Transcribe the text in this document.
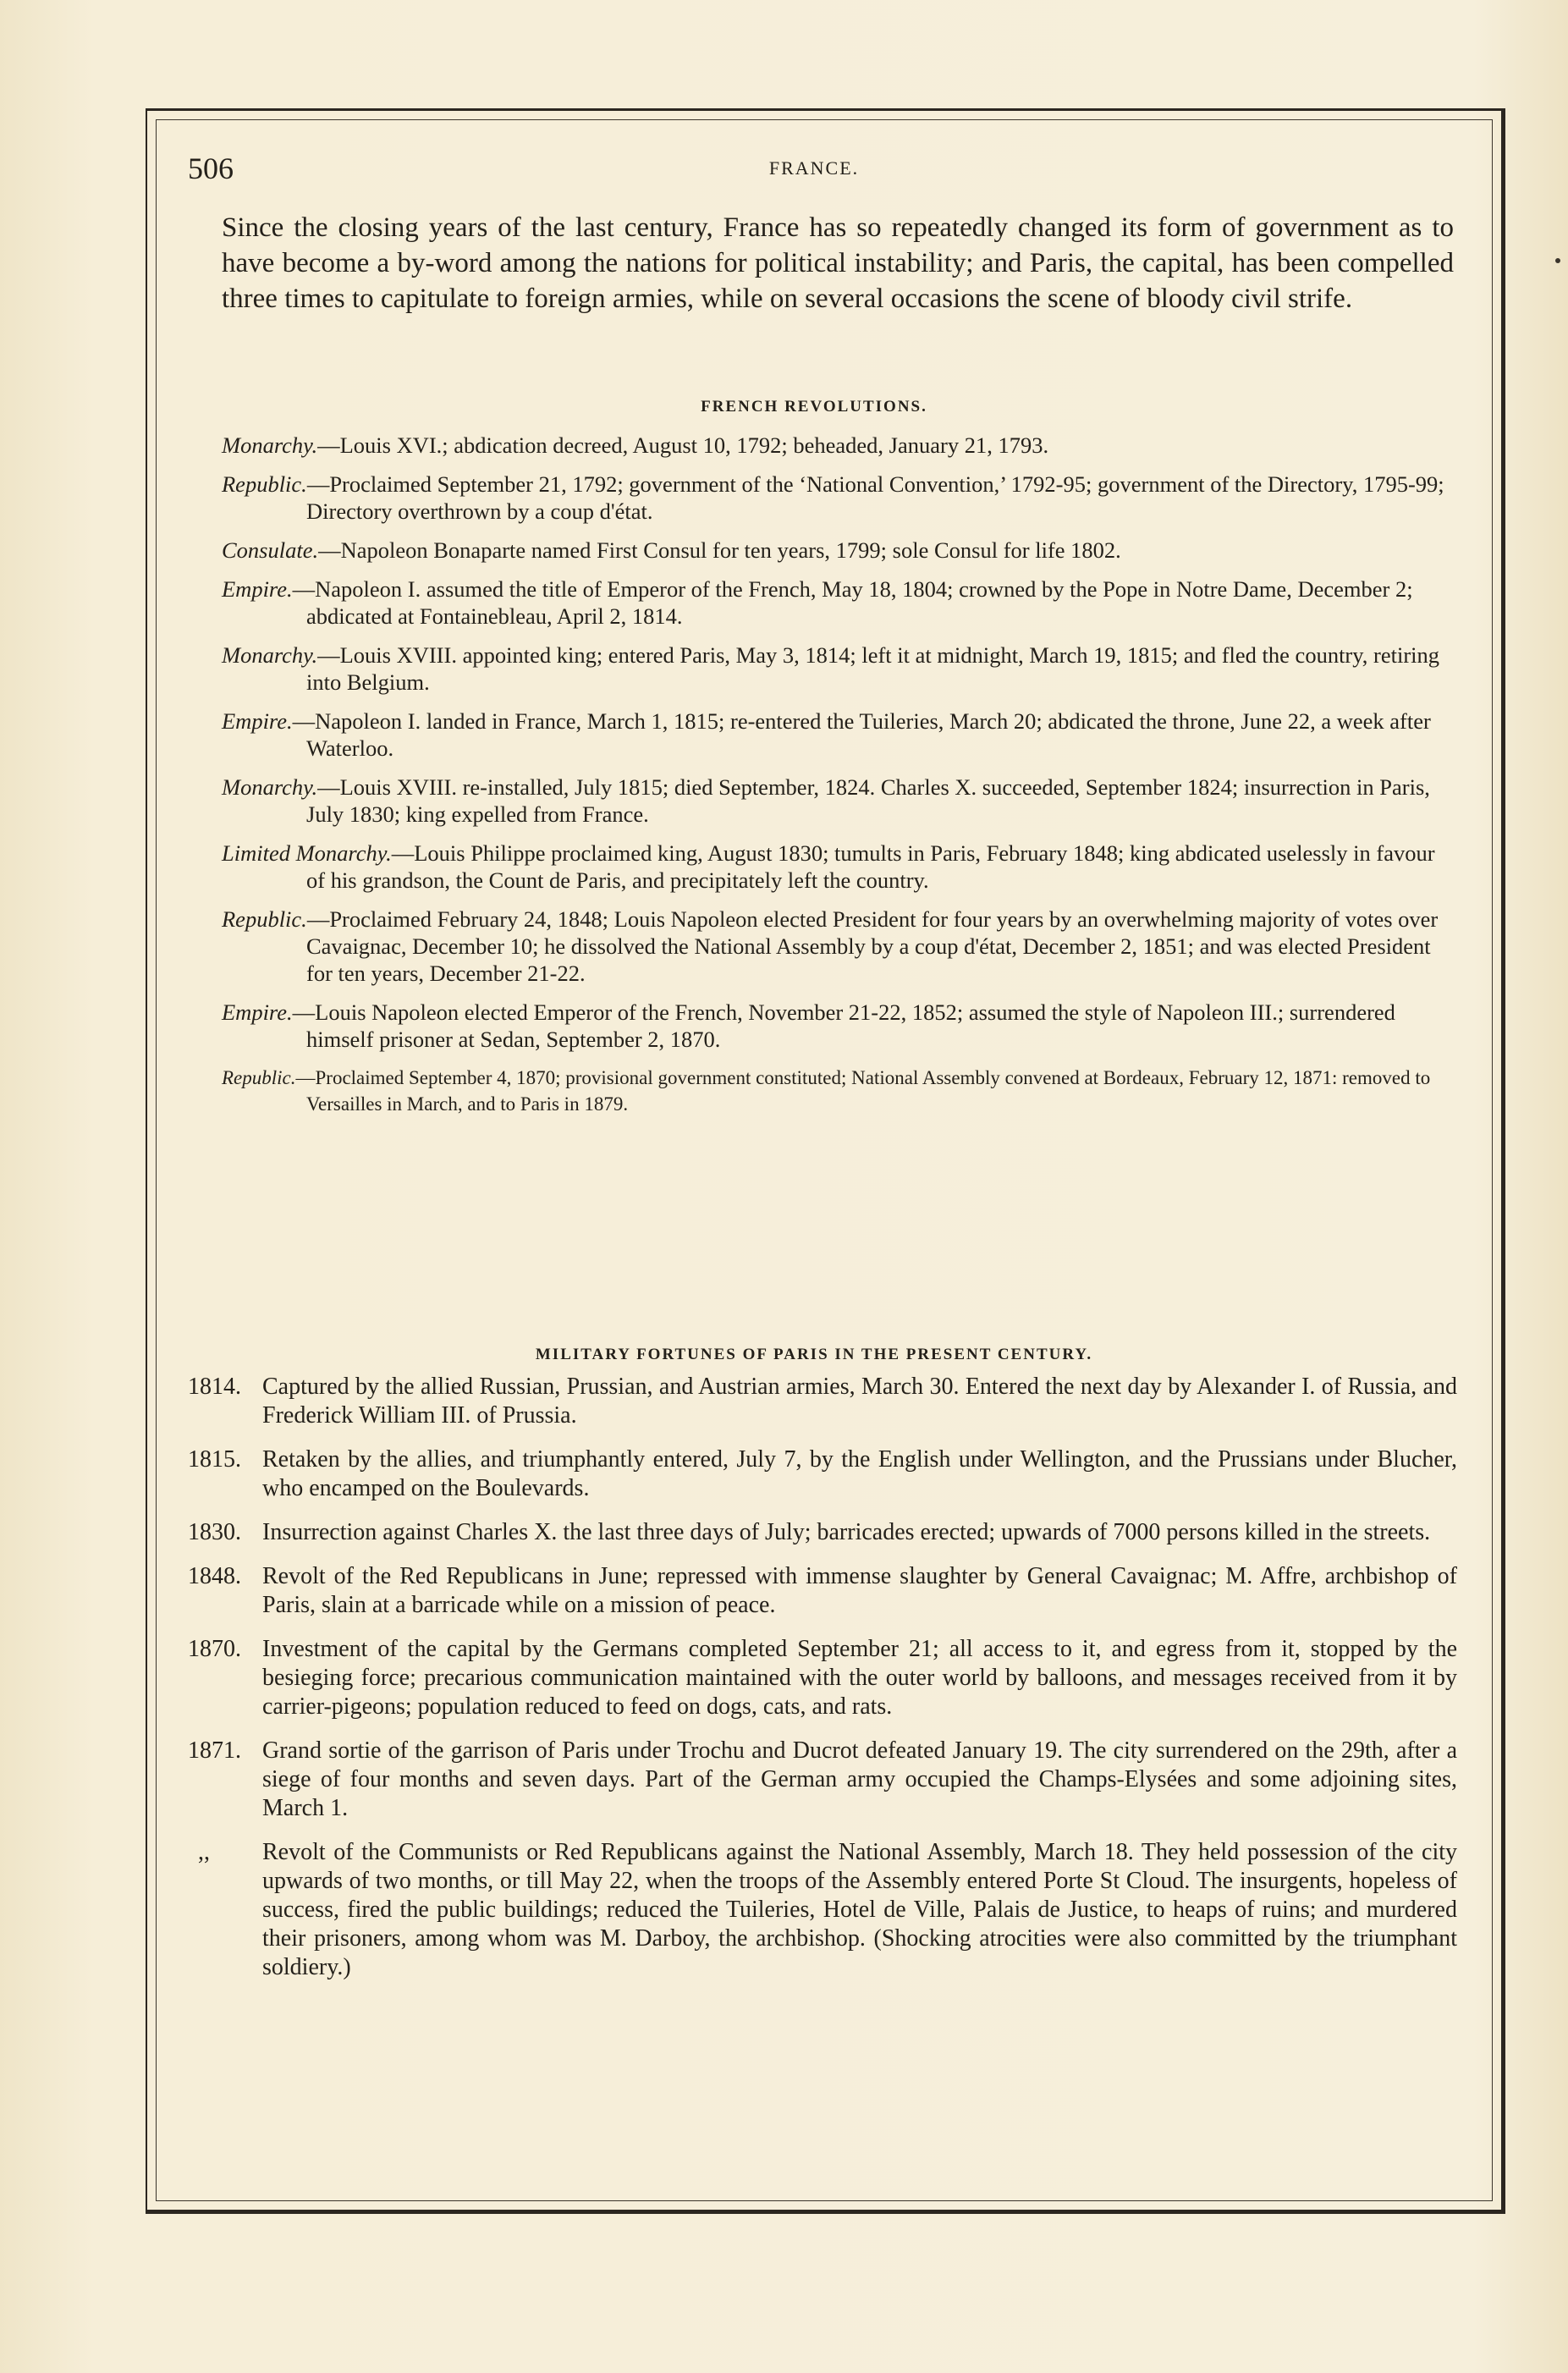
506	FRANCE.

Since the closing years of the last century, France has so repeatedly changed its form of government as to have become a by-word among the nations for political instability; and Paris, the capital, has been compelled three times to capitulate to foreign armies, while on several occasions the scene of bloody civil strife.

FRENCH REVOLUTIONS.

Monarchy.—Louis XVI.; abdication decreed, August 10, 1792; beheaded, January 21, 1793.

Republic.—Proclaimed September 21, 1792; government of the ‘National Convention,’ 1792-95; government of the Directory, 1795-99; Directory overthrown by a coup d'état.

Consulate.—Napoleon Bonaparte named First Consul for ten years, 1799; sole Consul for life 1802.

Empire.—Napoleon I. assumed the title of Emperor of the French, May 18, 1804; crowned by the Pope in Notre Dame, December 2; abdicated at Fontainebleau, April 2, 1814.

Monarchy.—Louis XVIII. appointed king; entered Paris, May 3, 1814; left it at midnight, March 19, 1815; and fled the country, retiring into Belgium.

Empire.—Napoleon I. landed in France, March 1, 1815; re-entered the Tuileries, March 20; abdicated the throne, June 22, a week after Waterloo.

Monarchy.—Louis XVIII. re-installed, July 1815; died September, 1824. Charles X. succeeded, September 1824; insurrection in Paris, July 1830; king expelled from France.

Limited Monarchy.—Louis Philippe proclaimed king, August 1830; tumults in Paris, February 1848; king abdicated uselessly in favour of his grandson, the Count de Paris, and precipitately left the country.

Republic.—Proclaimed February 24, 1848; Louis Napoleon elected President for four years by an overwhelming majority of votes over Cavaignac, December 10; he dissolved the National Assembly by a coup d'état, December 2, 1851; and was elected President for ten years, December 21-22.

Empire.—Louis Napoleon elected Emperor of the French, November 21-22, 1852; assumed the style of Napoleon III.; surrendered himself prisoner at Sedan, September 2, 1870.

Republic.—Proclaimed September 4, 1870; provisional government constituted; National Assembly convened at Bordeaux, February 12, 1871: removed to Versailles in March, and to Paris in 1879.

MILITARY FORTUNES OF PARIS IN THE PRESENT CENTURY.
1814. Captured by the allied Russian, Prussian, and Austrian armies, March 30. Entered the next day by Alexander I. of Russia, and Frederick William III. of Prussia.
1815. Retaken by the allies, and triumphantly entered, July 7, by the English under Wellington, and the Prussians under Blucher, who encamped on the Boulevards.
1830. Insurrection against Charles X. the last three days of July; barricades erected; upwards of 7000 persons killed in the streets.
1848. Revolt of the Red Republicans in June; repressed with immense slaughter by General Cavaignac; M. Affre, archbishop of Paris, slain at a barricade while on a mission of peace.
1870. Investment of the capital by the Germans completed September 21; all access to it, and egress from it, stopped by the besieging force; precarious communication maintained with the outer world by balloons, and messages received from it by carrier-pigeons; population reduced to feed on dogs, cats, and rats.
1871. Grand sortie of the garrison of Paris under Trochu and Ducrot defeated January 19. The city surrendered on the 29th, after a siege of four months and seven days. Part of the German army occupied the Champs-Elysées and some adjoining sites, March 1.
,, Revolt of the Communists or Red Republicans against the National Assembly, March 18. They held possession of the city upwards of two months, or till May 22, when the troops of the Assembly entered Porte St Cloud. The insurgents, hopeless of success, fired the public buildings; reduced the Tuileries, Hotel de Ville, Palais de Justice, to heaps of ruins; and murdered their prisoners, among whom was M. Darboy, the archbishop. (Shocking atrocities were also committed by the triumphant soldiery.)
